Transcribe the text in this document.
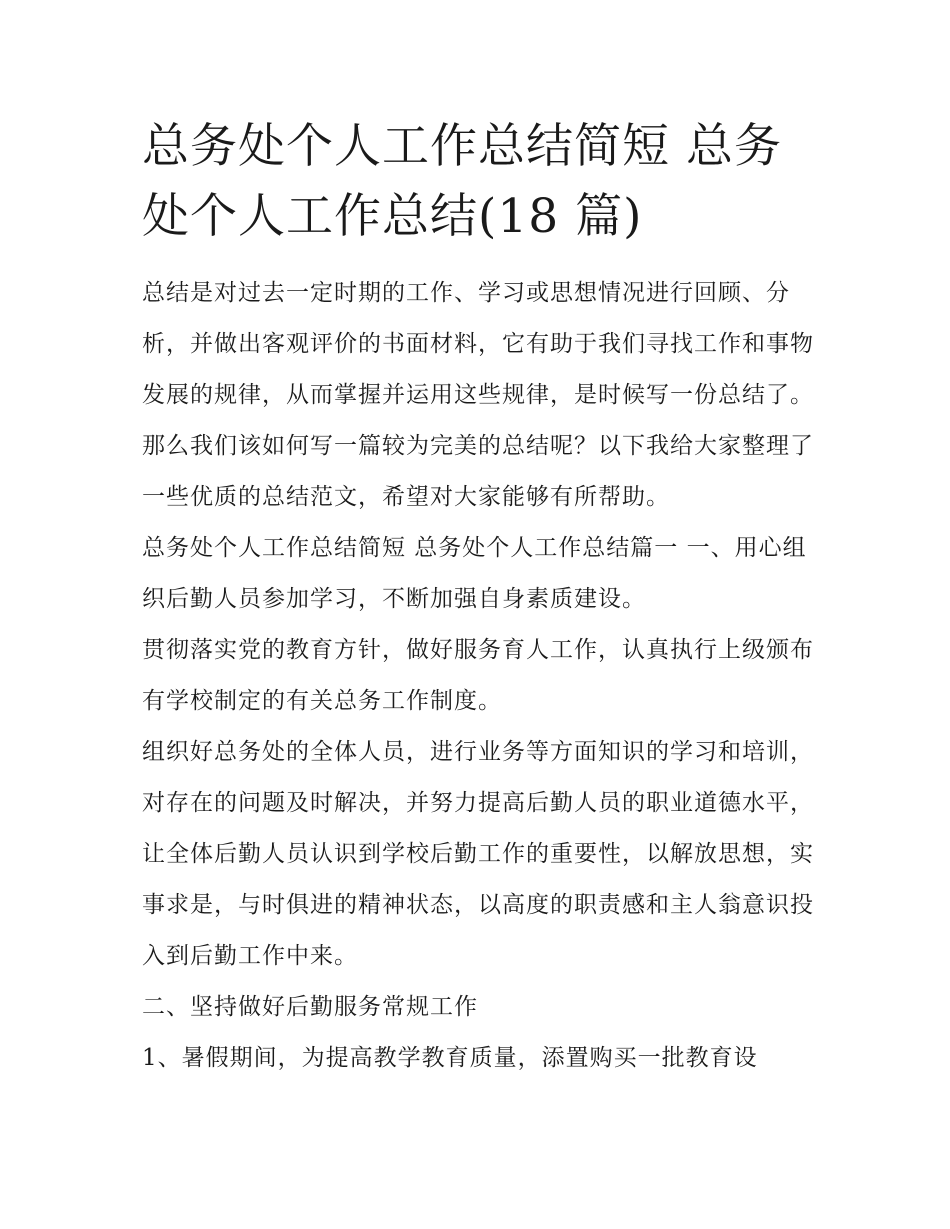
总务处个人工作总结简短 总务处个人工作总结(18 篇)

总结是对过去一定时期的工作、学习或思想情况进行回顾、分析，并做出客观评价的书面材料，它有助于我们寻找工作和事物发展的规律，从而掌握并运用这些规律，是时候写一份总结了。那么我们该如何写一篇较为完美的总结呢？以下我给大家整理了一些优质的总结范文，希望对大家能够有所帮助。

总务处个人工作总结简短 总务处个人工作总结篇一 一、用心组织后勤人员参加学习，不断加强自身素质建设。

贯彻落实党的教育方针，做好服务育人工作，认真执行上级颁布有学校制定的有关总务工作制度。

组织好总务处的全体人员，进行业务等方面知识的学习和培训，对存在的问题及时解决，并努力提高后勤人员的职业道德水平，让全体后勤人员认识到学校后勤工作的重要性，以解放思想，实事求是，与时俱进的精神状态，以高度的职责感和主人翁意识投入到后勤工作中来。

二、坚持做好后勤服务常规工作

1、暑假期间，为提高教学教育质量，添置购买一批教育设
